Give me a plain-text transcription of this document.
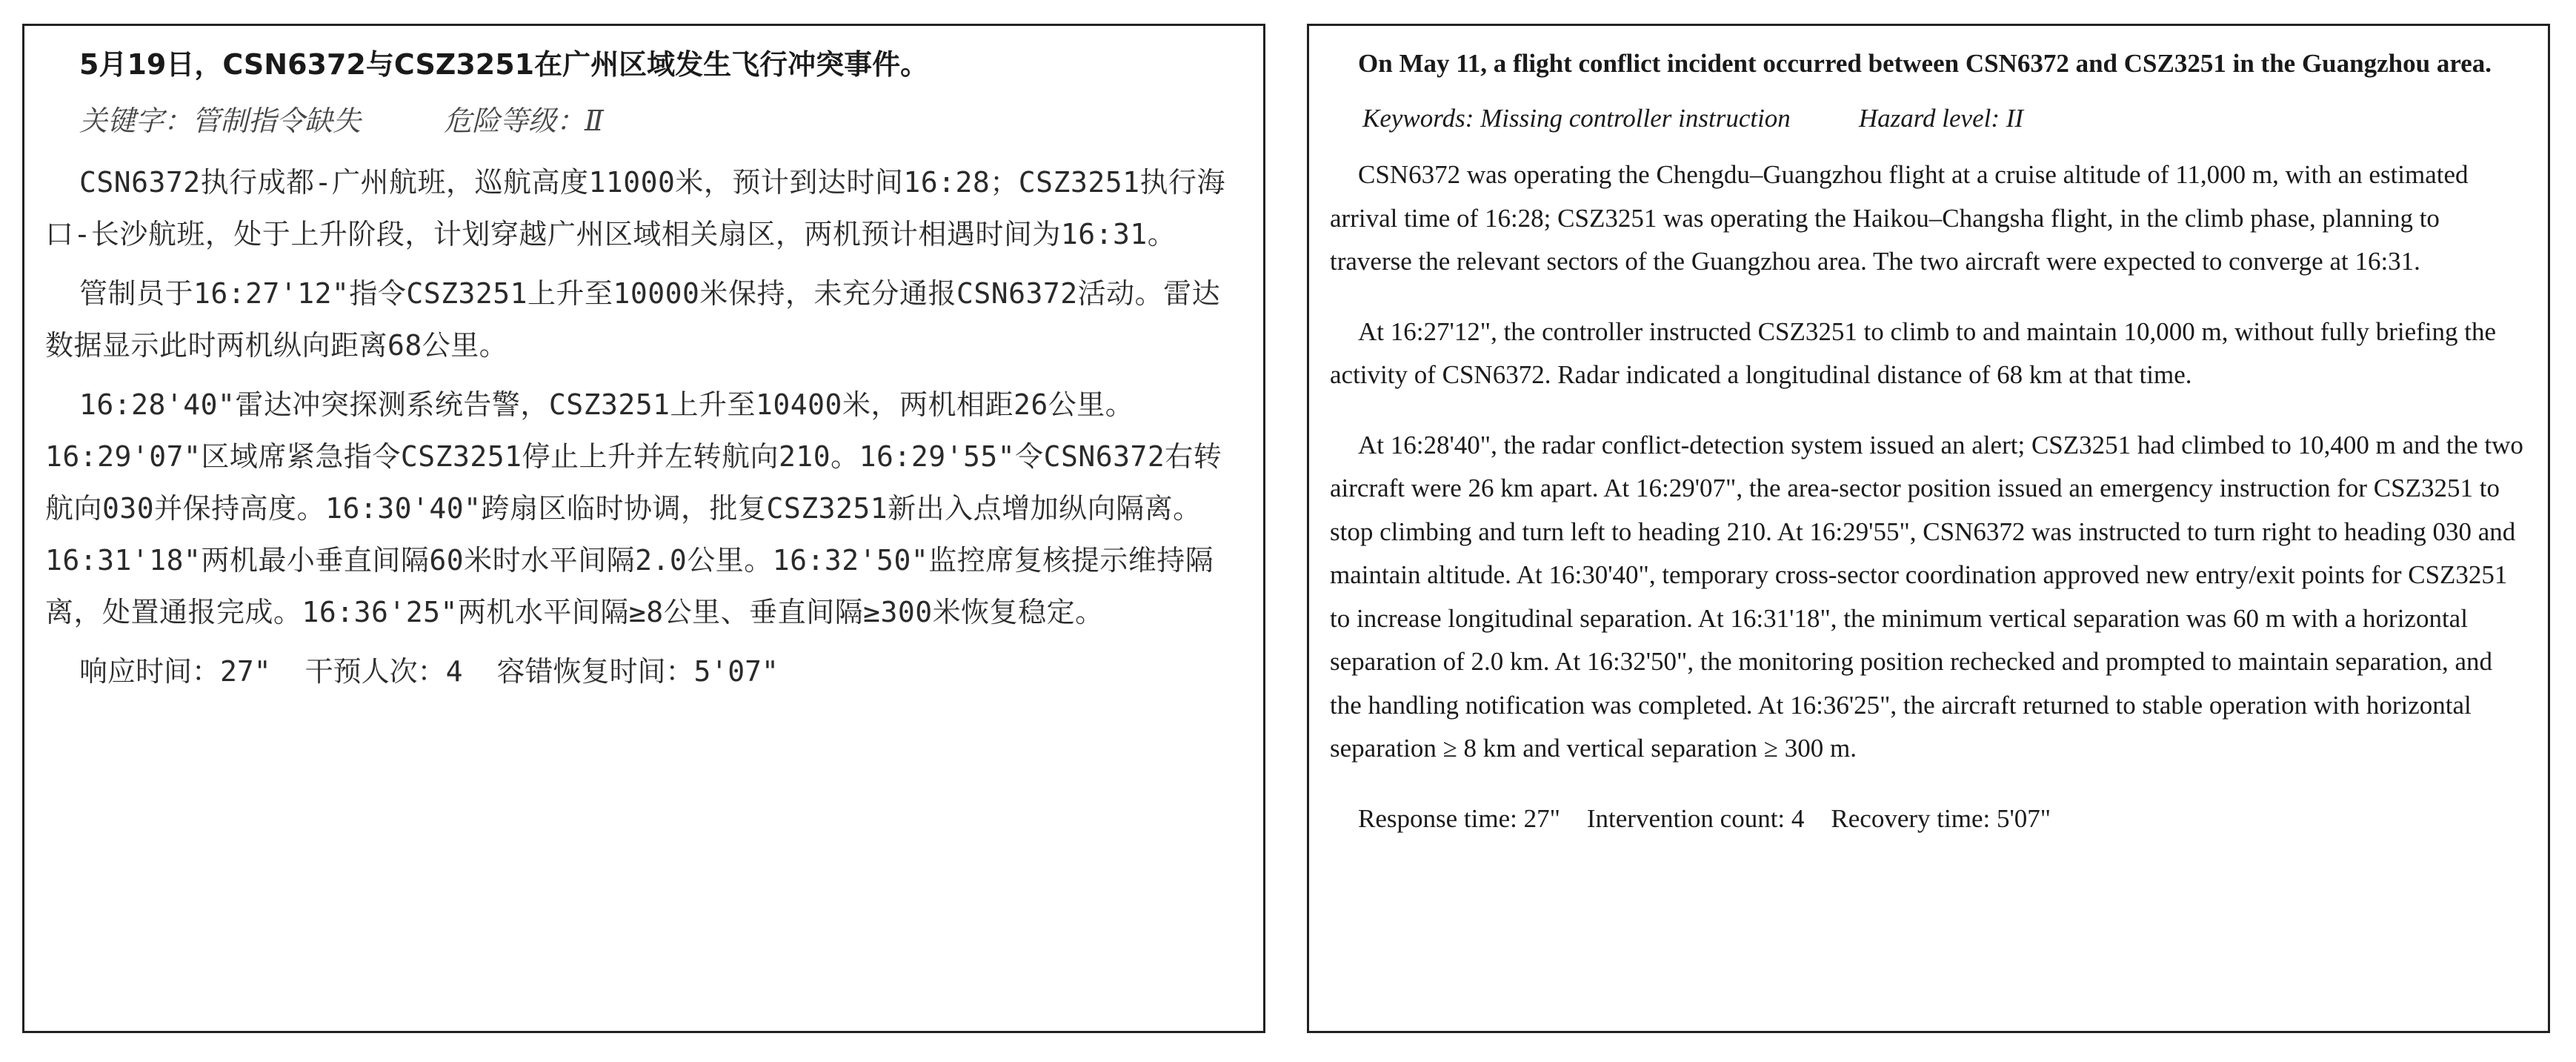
5月19日，CSN6372与CSZ3251在广州区域发生飞行冲突事件。
关键字：管制指令缺失	危险等级：Ⅱ

CSN6372执行成都-广州航班，巡航高度11000米，预计到达时间16:28；CSZ3251执行海口-长沙航班，处于上升阶段，计划穿越广州区域相关扇区，两机预计相遇时间为16:31。

管制员于16:27'12"指令CSZ3251上升至10000米保持，未充分通报CSN6372活动。雷达数据显示此时两机纵向距离68公里。

16:28'40"雷达冲突探测系统告警，CSZ3251上升至10400米，两机相距26公里。16:29'07"区域席紧急指令CSZ3251停止上升并左转航向210。16:29'55"令CSN6372右转航向030并保持高度。16:30'40"跨扇区临时协调，批复CSZ3251新出入点增加纵向隔离。16:31'18"两机最小垂直间隔60米时水平间隔2.0公里。16:32'50"监控席复核提示维持隔离，处置通报完成。16:36'25"两机水平间隔≥8公里、垂直间隔≥300米恢复稳定。

响应时间：27" 干预人次：4 容错恢复时间：5'07"
On May 11, a flight conflict incident occurred between CSN6372 and CSZ3251 in the Guangzhou area.
Keywords: Missing controller instruction	Hazard level: II

CSN6372 was operating the Chengdu–Guangzhou flight at a cruise altitude of 11,000 m, with an estimated arrival time of 16:28; CSZ3251 was operating the Haikou–Changsha flight, in the climb phase, planning to traverse the relevant sectors of the Guangzhou area. The two aircraft were expected to converge at 16:31.

At 16:27'12", the controller instructed CSZ3251 to climb to and maintain 10,000 m, without fully briefing the activity of CSN6372. Radar indicated a longitudinal distance of 68 km at that time.

At 16:28'40", the radar conflict-detection system issued an alert; CSZ3251 had climbed to 10,400 m and the two aircraft were 26 km apart. At 16:29'07", the area-sector position issued an emergency instruction for CSZ3251 to stop climbing and turn left to heading 210. At 16:29'55", CSN6372 was instructed to turn right to heading 030 and maintain altitude. At 16:30'40", temporary cross-sector coordination approved new entry/exit points for CSZ3251 to increase longitudinal separation. At 16:31'18", the minimum vertical separation was 60 m with a horizontal separation of 2.0 km. At 16:32'50", the monitoring position rechecked and prompted to maintain separation, and the handling notification was completed. At 16:36'25", the aircraft returned to stable operation with horizontal separation ≥ 8 km and vertical separation ≥ 300 m.

Response time: 27" Intervention count: 4 Recovery time: 5'07"
